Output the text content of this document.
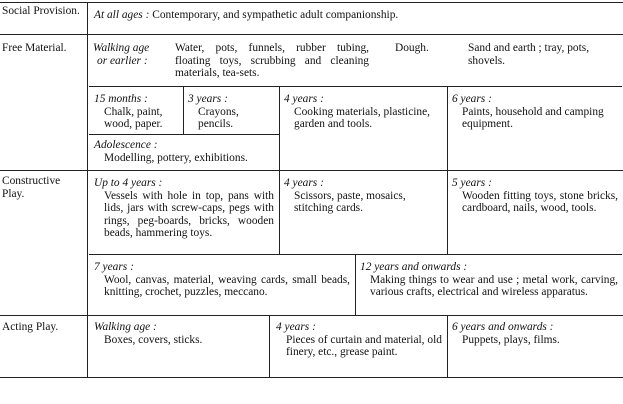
Social Provision.
Free Material.
Constructive Play.
Acting Play.
At all ages : Contemporary, and sympathetic adult companionship.
Walking age
or earlier :
Water, pots, funnels, rubber tubing, floating toys, scrubbing and cleaning materials, tea-sets.
Dough.	Sand and earth ; tray, pots, shovels.
15 months :
Chalk, paint, wood, paper.
3 years :
Crayons, pencils.
4 years :
Cooking materials, plasticine, garden and tools.
6 years :
Paints, household and camping equipment.
Adolescence :
Modelling, pottery, exhibitions.
Up to 4 years :
Vessels with hole in top, pans with lids, jars with screw-caps, pegs with rings, peg-boards, bricks, wooden beads, hammering toys.
4 years :
Scissors, paste, mosaics, stitching cards.
5 years :
Wooden fitting toys, stone bricks, cardboard, nails, wood, tools.
7 years :
Wool, canvas, material, weaving cards, small beads, knitting, crochet, puzzles, meccano.
12 years and onwards :
Making things to wear and use ; metal work, carving, various crafts, electrical and wireless apparatus.
Walking age :
Boxes, covers, sticks.
4 years :
Pieces of curtain and material, old finery, etc., grease paint.
6 years and onwards :
Puppets, plays, films.
